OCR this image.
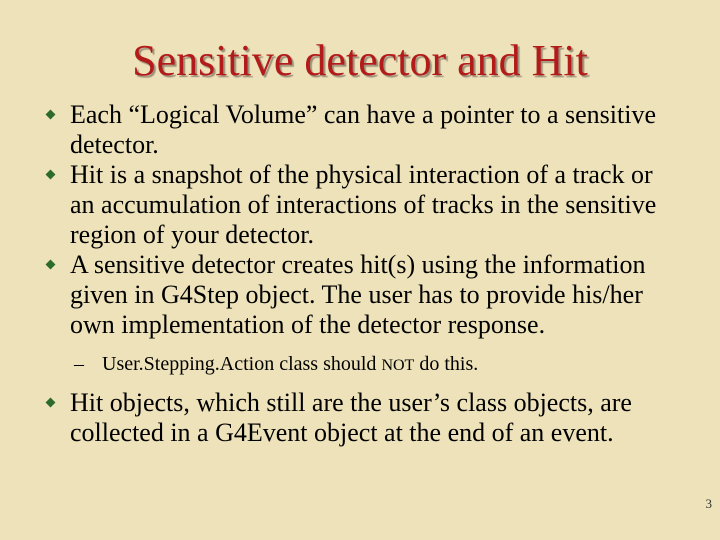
Sensitive detector and Hit
Each “Logical Volume” can have a pointer to a sensitive detector.
Hit is a snapshot of the physical interaction of a track or an accumulation of interactions of tracks in the sensitive region of your detector.
A sensitive detector creates hit(s) using the information given in G4Step object. The user has to provide his/her own implementation of the detector response.
– User.Stepping.Action class should NOT do this.
Hit objects, which still are the user’s class objects, are collected in a G4Event object at the end of an event.
3
